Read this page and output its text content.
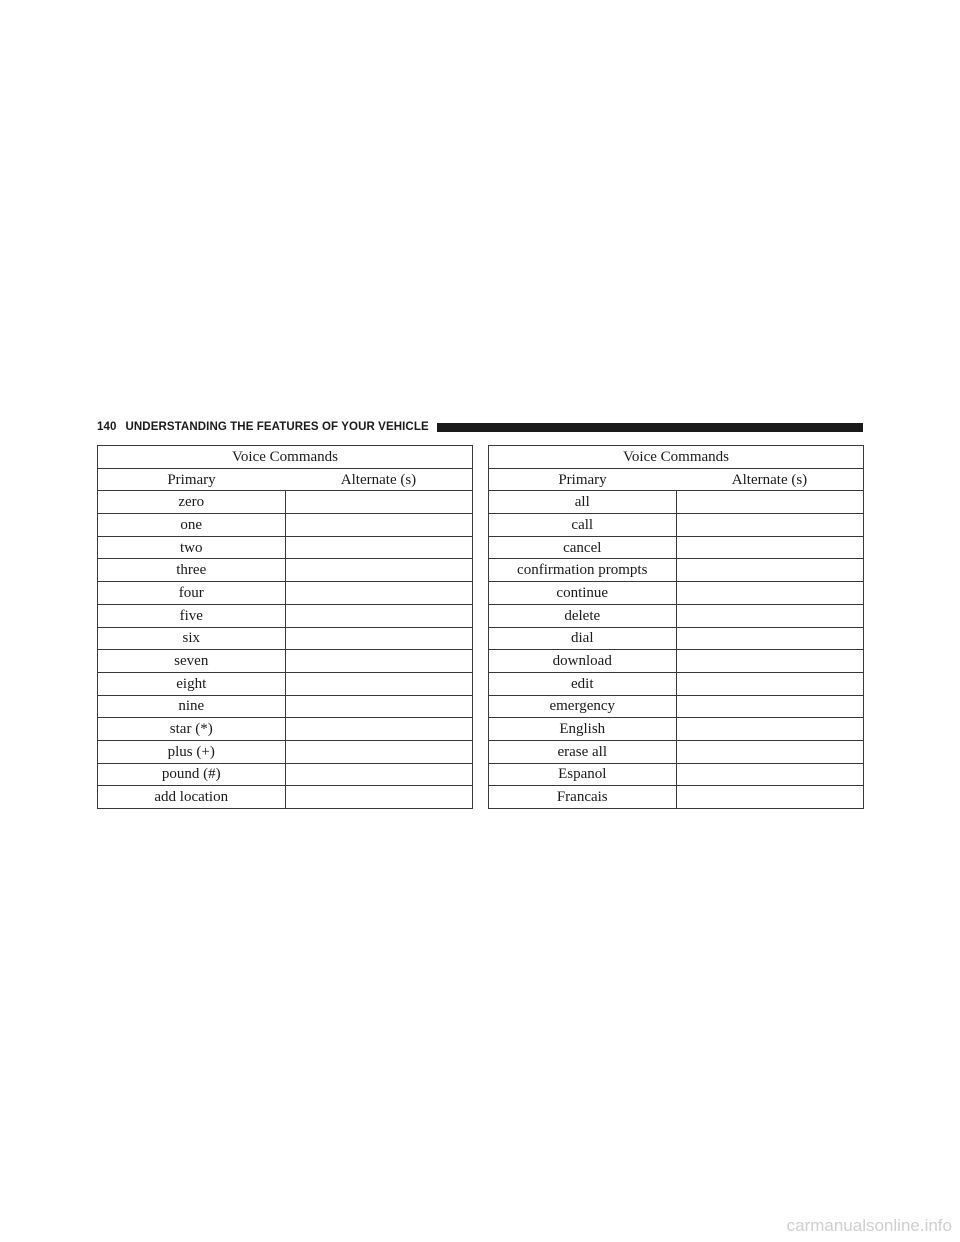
140 UNDERSTANDING THE FEATURES OF YOUR VEHICLE
Voice Commands	
Primary	Alternate (s)
zero	
one	
two	
three	
four	
five	
six	
seven	
eight	
nine	
star (*)	
plus (+)	
pound (#)	
add location	
Voice Commands	
Primary	Alternate (s)
all	
call	
cancel	
confirmation prompts	
continue	
delete	
dial	
download	
edit	
emergency	
English	
erase all	
Espanol	
Francais	
carmanualsonline.info
